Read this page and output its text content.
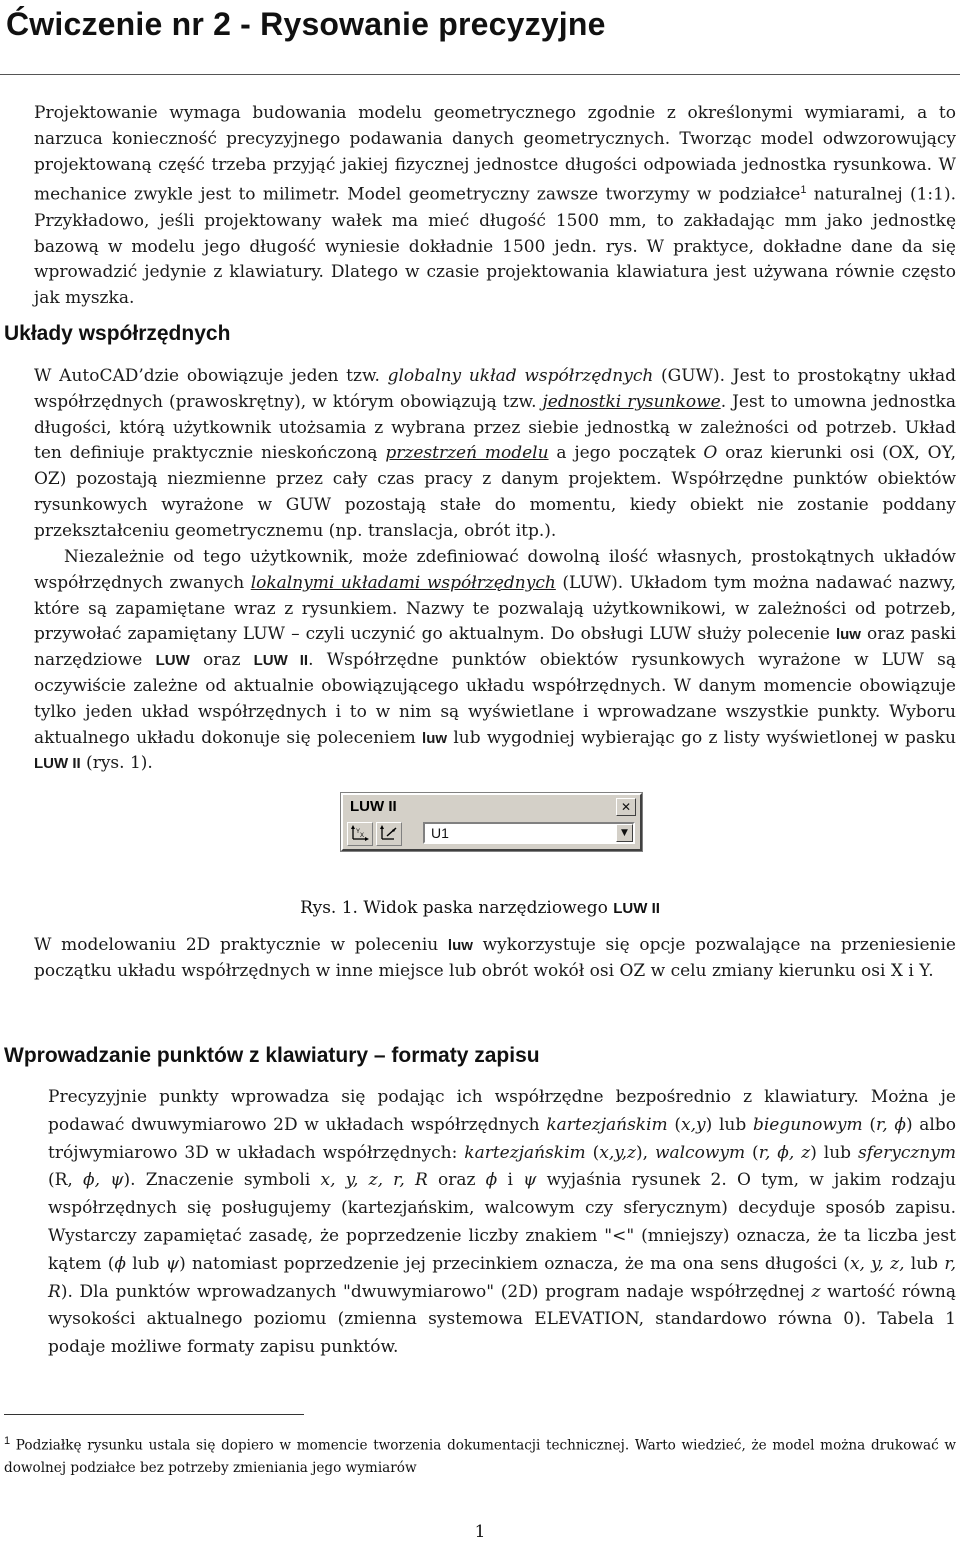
Ćwiczenie nr 2 - Rysowanie precyzyjne

Projektowanie wymaga budowania modelu geometrycznego zgodnie z określonymi wymiarami, a to narzuca konieczność precyzyjnego podawania danych geometrycznych. Tworząc model odwzorowujący projektowaną część trzeba przyjąć jakiej fizycznej jednostce długości odpowiada jednostka rysunkowa. W mechanice zwykle jest to milimetr. Model geometryczny zawsze tworzymy w podziałce$^1$ naturalnej (1:1). Przykładowo, jeśli projektowany wałek ma mieć długość 1500 mm, to zakładając mm jako jednostkę bazową w modelu jego długość wyniesie dokładnie 1500 jedn. rys. W praktyce, dokładne dane da się wprowadzić jedynie z klawiatury. Dlatego w czasie projektowania klawiatura jest używana równie często jak myszka.

Układy współrzędnych

W AutoCAD’dzie obowiązuje jeden tzw. globalny układ współrzędnych (GUW). Jest to prostokątny układ współrzędnych (prawoskrętny), w którym obowiązują tzw. jednostki rysunkowe. Jest to umowna jednostka długości, którą użytkownik utożsamia z wybrana przez siebie jednostką w zależności od potrzeb. Układ ten definiuje praktycznie nieskończoną przestrzeń modelu a jego początek O oraz kierunki osi (OX, OY, OZ) pozostają niezmienne przez cały czas pracy z danym projektem. Współrzędne punktów obiektów rysunkowych wyrażone w GUW pozostają stałe do momentu, kiedy obiekt nie zostanie poddany przekształceniu geometrycznemu (np. translacja, obrót itp.).

Niezależnie od tego użytkownik, może zdefiniować dowolną ilość własnych, prostokątnych układów współrzędnych zwanych lokalnymi układami współrzędnych (LUW). Układom tym można nadawać nazwy, które są zapamiętane wraz z rysunkiem. Nazwy te pozwalają użytkownikowi, w zależności od potrzeb, przywołać zapamiętany LUW – czyli uczynić go aktualnym. Do obsługi LUW służy polecenie luw oraz paski narzędziowe LUW oraz LUW II. Współrzędne punktów obiektów rysunkowych wyrażone w LUW są oczywiście zależne od aktualnie obowiązującego układu współrzędnych. W danym momencie obowiązuje tylko jeden układ współrzędnych i to w nim są wyświetlane i wprowadzane wszystkie punkty. Wyboru aktualnego układu dokonuje się poleceniem luw lub wygodniej wybierając go z listy wyświetlonej w pasku LUW II (rys. 1).

LUW II	✕
Y
X	U1	▼

Rys. 1. Widok paska narzędziowego LUW II

W modelowaniu 2D praktycznie w poleceniu luw wykorzystuje się opcje pozwalające na przeniesienie początku układu współrzędnych w inne miejsce lub obrót wokół osi OZ w celu zmiany kierunku osi X i Y.

Wprowadzanie punktów z klawiatury – formaty zapisu

Precyzyjnie punkty wprowadza się podając ich współrzędne bezpośrednio z klawiatury. Można je podawać dwuwymiarowo 2D w układach współrzędnych kartezjańskim (x,y) lub biegunowym (r, ϕ) albo trójwymiarowo 3D w układach współrzędnych: kartezjańskim (x,y,z), walcowym (r, ϕ, z) lub sferycznym (R, ϕ, ψ). Znaczenie symboli x, y, z, r, R oraz ϕ i ψ wyjaśnia rysunek 2. O tym, w jakim rodzaju współrzędnych się posługujemy (kartezjańskim, walcowym czy sferycznym) decyduje sposób zapisu. Wystarczy zapamiętać zasadę, że poprzedzenie liczby znakiem "<" (mniejszy) oznacza, że ta liczba jest kątem (ϕ lub ψ) natomiast poprzedzenie jej przecinkiem oznacza, że ma ona sens długości (x, y, z, lub r, R). Dla punktów wprowadzanych "dwuwymiarowo" (2D) program nadaje współrzędnej z wartość równą wysokości aktualnego poziomu (zmienna systemowa ELEVATION, standardowo równa 0). Tabela 1 podaje możliwe formaty zapisu punktów.

$^1$ Podziałkę rysunku ustala się dopiero w momencie tworzenia dokumentacji technicznej. Warto wiedzieć, że model można drukować w dowolnej podziałce bez potrzeby zmieniania jego wymiarów

1
